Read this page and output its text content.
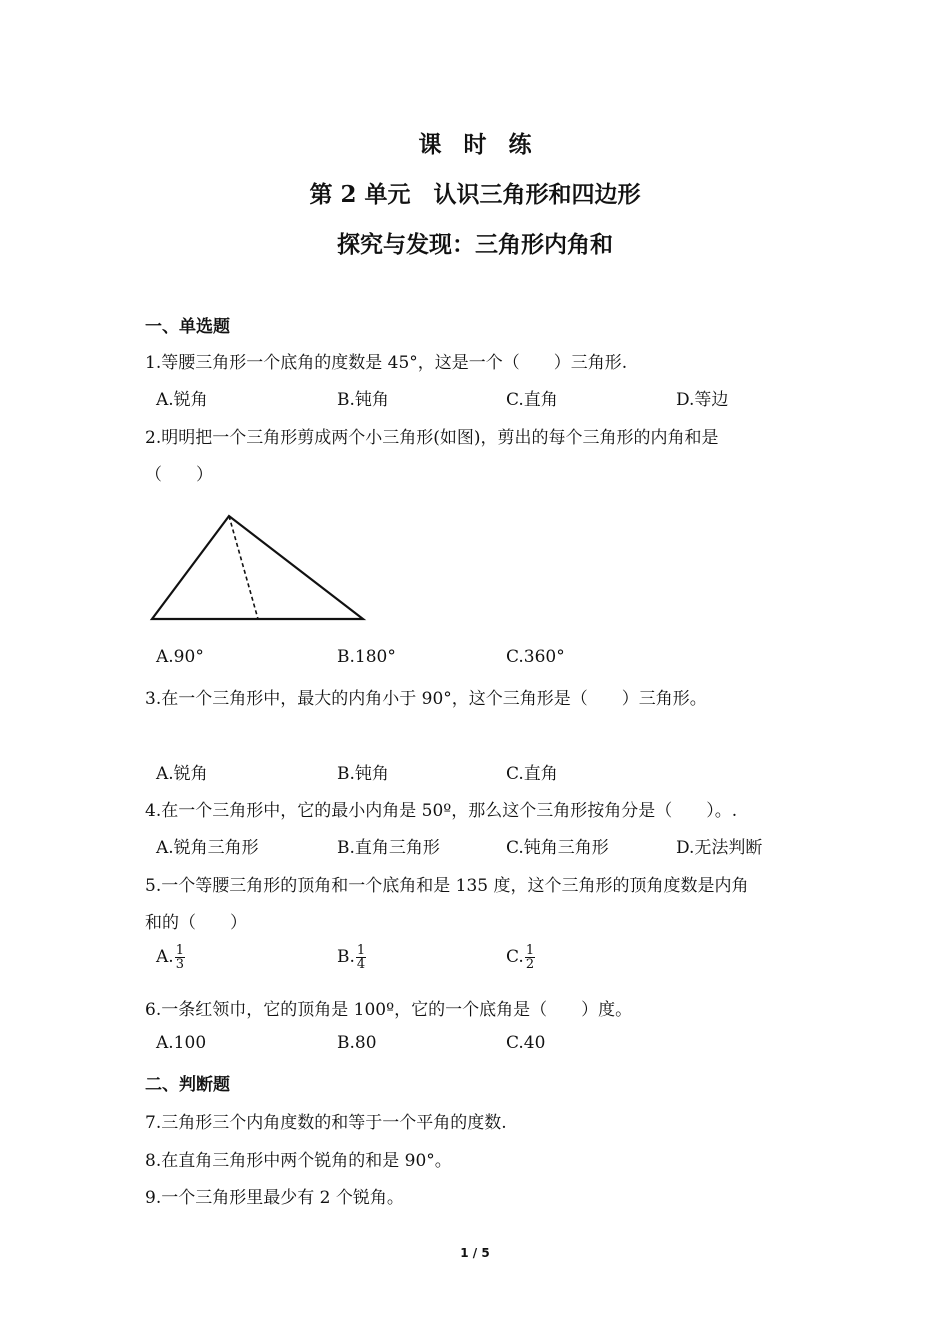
课时练
第 2 单元　认识三角形和四边形
探究与发现：三角形内角和
一、单选题
1.等腰三角形一个底角的度数是 45°，这是一个（　　）三角形.
A.锐角	B.钝角	C.直角	D.等边
2.明明把一个三角形剪成两个小三角形(如图)，剪出的每个三角形的内角和是
（　　）
A.90°	B.180°	C.360°
3.在一个三角形中，最大的内角小于 90°，这个三角形是（　　）三角形。
A.锐角	B.钝角	C.直角
4.在一个三角形中，它的最小内角是 50º，那么这个三角形按角分是（　　）。.
A.锐角三角形	B.直角三角形	C.钝角三角形	D.无法判断
5.一个等腰三角形的顶角和一个底角和是 135 度，这个三角形的顶角度数是内角
和的（　　）
A. $\frac{1}{3}$	B. $\frac{1}{4}$	C. $\frac{1}{2}$
6.一条红领巾，它的顶角是 100º，它的一个底角是（　　）度。
A.100	B.80	C.40
二、判断题
7.三角形三个内角度数的和等于一个平角的度数.
8.在直角三角形中两个锐角的和是 90°。
9.一个三角形里最少有 2 个锐角。
1 / 5
